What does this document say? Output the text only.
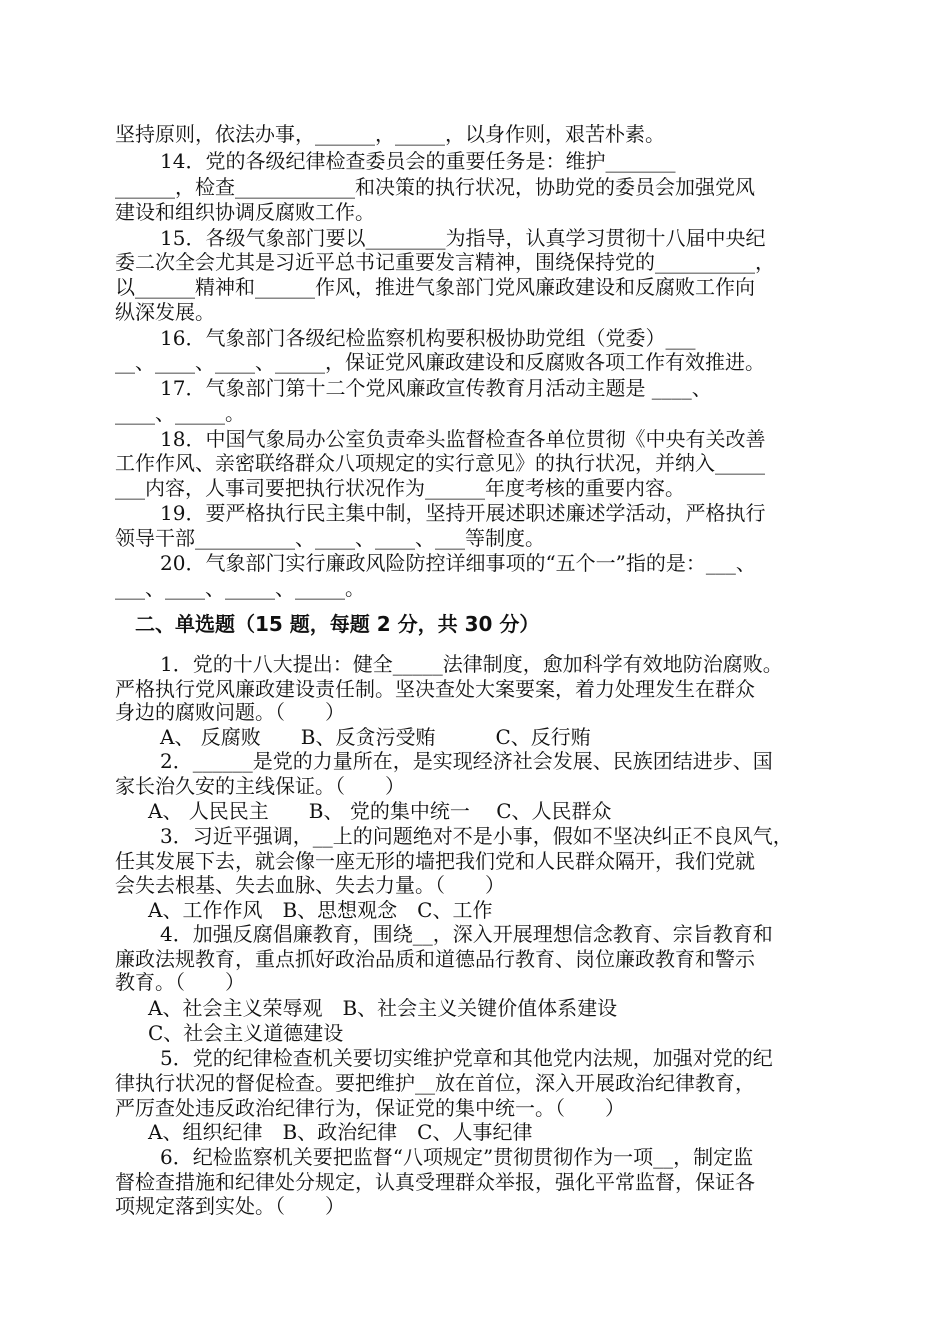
坚持原则，依法办事，______，_____，以身作则，艰苦朴素。
14．党的各级纪律检查委员会的重要任务是：维护_______
______，检查____________和决策的执行状况，协助党的委员会加强党风
建设和组织协调反腐败工作。
15．各级气象部门要以________为指导，认真学习贯彻十八届中央纪
委二次全会尤其是习近平总书记重要发言精神，围绕保持党的__________，
以______精神和______作风，推进气象部门党风廉政建设和反腐败工作向
纵深发展。
16．气象部门各级纪检监察机构要积极协助党组（党委）___
__、____、____、_____，保证党风廉政建设和反腐败各项工作有效推进。
17．气象部门第十二个党风廉政宣传教育月活动主题是 ____、
____、_____。
18．中国气象局办公室负责牵头监督检查各单位贯彻《中央有关改善
工作作风、亲密联络群众八项规定的实行意见》的执行状况，并纳入_____
___内容，人事司要把执行状况作为______年度考核的重要内容。
19．要严格执行民主集中制，坚持开展述职述廉述学活动，严格执行
领导干部__________、____、____、___等制度。
20．气象部门实行廉政风险防控详细事项的“五个一”指的是：___、
___、____、_____、_____。
二、单选题（15 题，每题 2 分，共 30 分）
1．党的十八大提出：健全_____法律制度，愈加科学有效地防治腐败。
严格执行党风廉政建设责任制。坚决查处大案要案，着力处理发生在群众
身边的腐败问题。（　　）
A、 反腐败　　B、反贪污受贿　　　C、反行贿
2．______是党的力量所在，是实现经济社会发展、民族团结进步、国
家长治久安的主线保证。（　　）
A、 人民民主　　B、 党的集中统一　 C、人民群众
3．习近平强调，__上的问题绝对不是小事，假如不坚决纠正不良风气，
任其发展下去，就会像一座无形的墙把我们党和人民群众隔开，我们党就
会失去根基、失去血脉、失去力量。（　　）
A、工作作风　B、思想观念　C、工作
4．加强反腐倡廉教育，围绕__，深入开展理想信念教育、宗旨教育和
廉政法规教育，重点抓好政治品质和道德品行教育、岗位廉政教育和警示
教育。（　　）
A、社会主义荣辱观　B、社会主义关键价值体系建设
C、社会主义道德建设
5．党的纪律检查机关要切实维护党章和其他党内法规，加强对党的纪
律执行状况的督促检查。要把维护__放在首位，深入开展政治纪律教育，
严厉查处违反政治纪律行为，保证党的集中统一。（　　）
A、组织纪律　B、政治纪律　C、人事纪律
6．纪检监察机关要把监督“八项规定”贯彻贯彻作为一项__，制定监
督检查措施和纪律处分规定，认真受理群众举报，强化平常监督，保证各
项规定落到实处。（　　）
